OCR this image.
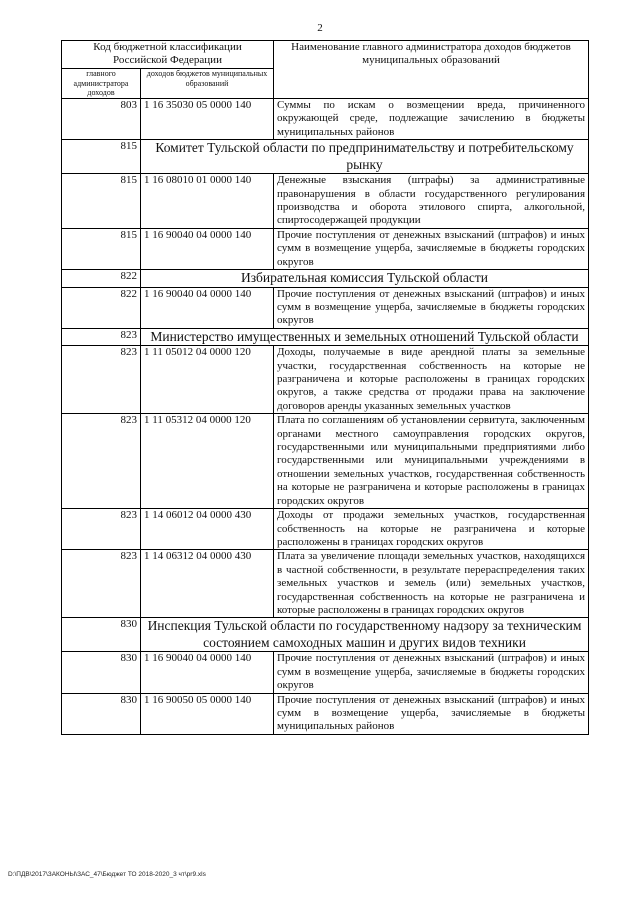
2
Код бюджетной классификации Российской Федерации		Наименование главного администратора доходов бюджетов муниципальных образований
главного администратора доходов	доходов бюджетов муниципальных образований	
803	1 16 35030 05 0000 140	Суммы по искам о возмещении вреда, причиненного окружающей среде, подлежащие зачислению в бюджеты муниципальных районов
815	Комитет Тульской области по предпринимательству и потребительскому рынку	
815	1 16 08010 01 0000 140	Денежные взыскания (штрафы) за административные правонарушения в области государственного регулирования производства и оборота этилового спирта, алкогольной, спиртосодержащей продукции
815	1 16 90040 04 0000 140	Прочие поступления от денежных взысканий (штрафов) и иных сумм в возмещение ущерба, зачисляемые в бюджеты городских округов
822	Избирательная комиссия Тульской области	
822	1 16 90040 04 0000 140	Прочие поступления от денежных взысканий (штрафов) и иных сумм в возмещение ущерба, зачисляемые в бюджеты городских округов
823	Министерство имущественных и земельных отношений Тульской области	
823	1 11 05012 04 0000 120	Доходы, получаемые в виде арендной платы за земельные участки, государственная собственность на которые не разграничена и которые расположены в границах городских округов, а также средства от продажи права на заключение договоров аренды указанных земельных участков
823	1 11 05312 04 0000 120	Плата по соглашениям об установлении сервитута, заключенным органами местного самоуправления городских округов, государственными или муниципальными предприятиями либо государственными или муниципальными учреждениями в отношении земельных участков, государственная собственность на которые не разграничена и которые расположены в границах городских округов
823	1 14 06012 04 0000 430	Доходы от продажи земельных участков, государственная собственность на которые не разграничена и которые расположены в границах городских округов
823	1 14 06312 04 0000 430	Плата за увеличение площади земельных участков, находящихся в частной собственности, в результате перераспределения таких земельных участков и земель (или) земельных участков, государственная собственность на которые не разграничена и которые расположены в границах городских округов
830	Инспекция Тульской области по государственному надзору за техническим состоянием самоходных машин и других видов техники	
830	1 16 90040 04 0000 140	Прочие поступления от денежных взысканий (штрафов) и иных сумм в возмещение ущерба, зачисляемые в бюджеты городских округов
830	1 16 90050 05 0000 140	Прочие поступления от денежных взысканий (штрафов) и иных сумм в возмещение ущерба, зачисляемые в бюджеты муниципальных районов
D:\ПДВ\2017\ЗАКОНЫ\ЗАС_47\Бюджет ТО 2018-2020_3 чт\pr9.xls
